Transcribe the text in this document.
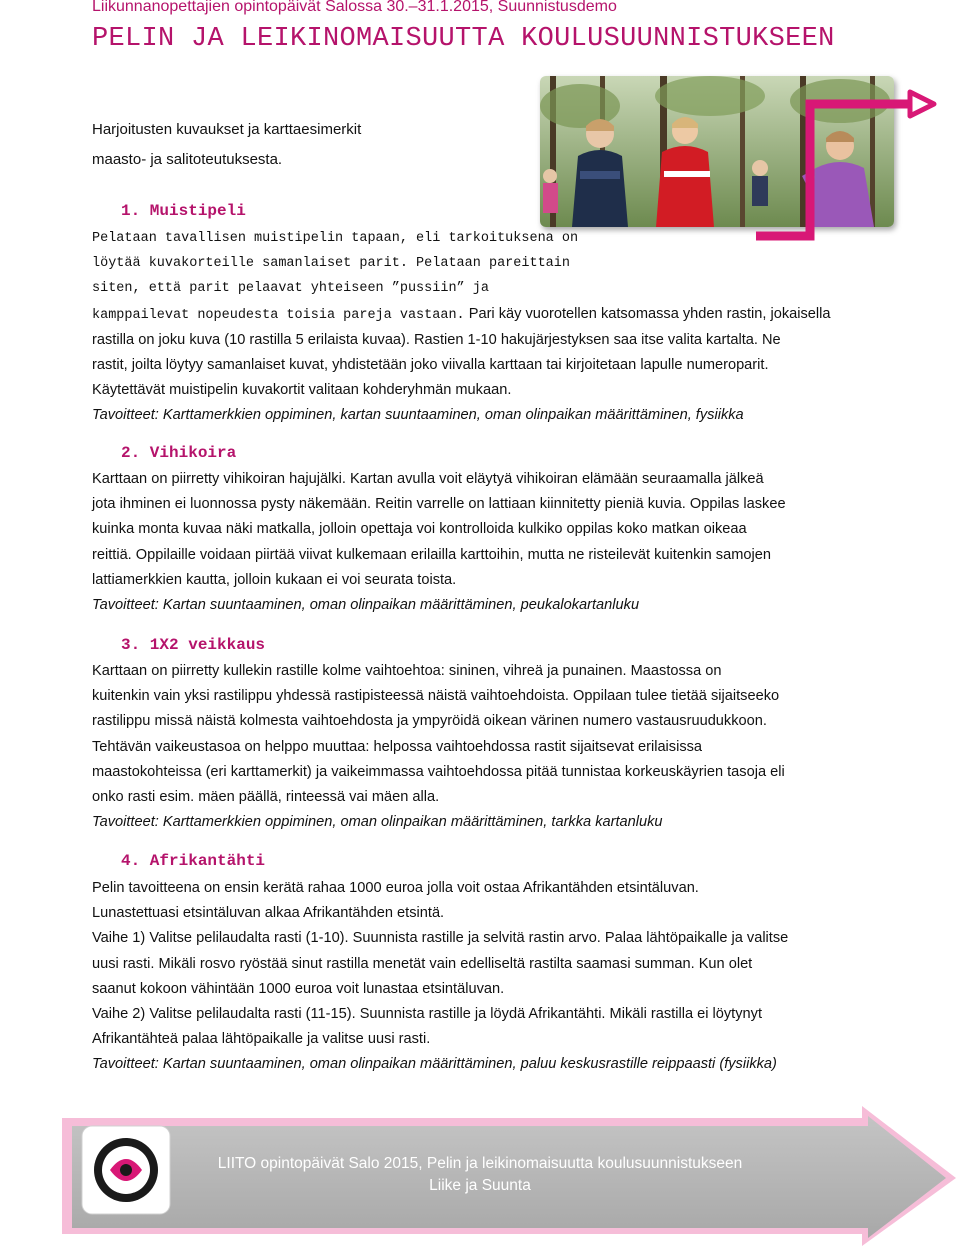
Liikunnanopettajien opintopäivät Salossa 30.–31.1.2015, Suunnistusdemo
PELIN JA LEIKINOMAISUUTTA KOULUSUUNNISTUKSEEN
Harjoitusten kuvaukset ja karttaesimerkit
maasto- ja salitoteutuksesta.
1. Muistipeli
Pelataan tavallisen muistipelin tapaan, eli tarkoituksena on
löytää kuvakorteille samanlaiset parit. Pelataan pareittain
siten, että parit pelaavat yhteiseen ”pussiin” ja
kamppailevat nopeudesta toisia pareja vastaan. Pari käy vuorotellen katsomassa yhden rastin, jokaisella
rastilla on joku kuva (10 rastilla 5 erilaista kuvaa). Rastien 1-10 hakujärjestyksen saa itse valita kartalta. Ne
rastit, joilta löytyy samanlaiset kuvat, yhdistetään joko viivalla karttaan tai kirjoitetaan lapulle numeroparit.
Käytettävät muistipelin kuvakortit valitaan kohderyhmän mukaan.
Tavoitteet: Karttamerkkien oppiminen, kartan suuntaaminen, oman olinpaikan määrittäminen, fysiikka
2. Vihikoira
Karttaan on piirretty vihikoiran hajujälki. Kartan avulla voit eläytyä vihikoiran elämään seuraamalla jälkeä
jota ihminen ei luonnossa pysty näkemään. Reitin varrelle on lattiaan kiinnitetty pieniä kuvia. Oppilas laskee
kuinka monta kuvaa näki matkalla, jolloin opettaja voi kontrolloida kulkiko oppilas koko matkan oikeaa
reittiä. Oppilaille voidaan piirtää viivat kulkemaan erilailla karttoihin, mutta ne risteilevät kuitenkin samojen
lattiamerkkien kautta, jolloin kukaan ei voi seurata toista.
Tavoitteet: Kartan suuntaaminen, oman olinpaikan määrittäminen, peukalokartanluku
3. 1X2 veikkaus
Karttaan on piirretty kullekin rastille kolme vaihtoehtoa: sininen, vihreä ja punainen. Maastossa on
kuitenkin vain yksi rastilippu yhdessä rastipisteessä näistä vaihtoehdoista. Oppilaan tulee tietää sijaitseeko
rastilippu missä näistä kolmesta vaihtoehdosta ja ympyröidä oikean värinen numero vastausruudukkoon.
Tehtävän vaikeustasoa on helppo muuttaa: helpossa vaihtoehdossa rastit sijaitsevat erilaisissa
maastokohteissa (eri karttamerkit) ja vaikeimmassa vaihtoehdossa pitää tunnistaa korkeuskäyrien tasoja eli
onko rasti esim. mäen päällä, rinteessä vai mäen alla.
Tavoitteet: Karttamerkkien oppiminen, oman olinpaikan määrittäminen, tarkka kartanluku
4. Afrikantähti
Pelin tavoitteena on ensin kerätä rahaa 1000 euroa jolla voit ostaa Afrikantähden etsintäluvan.
Lunastettuasi etsintäluvan alkaa Afrikantähden etsintä.
Vaihe 1) Valitse pelilaudalta rasti (1-10). Suunnista rastille ja selvitä rastin arvo. Palaa lähtöpaikalle ja valitse
uusi rasti. Mikäli rosvo ryöstää sinut rastilla menetät vain edelliseltä rastilta saamasi summan. Kun olet
saanut kokoon vähintään 1000 euroa voit lunastaa etsintäluvan.
Vaihe 2) Valitse pelilaudalta rasti (11-15). Suunnista rastille ja löydä Afrikantähti. Mikäli rastilla ei löytynyt
Afrikantähteä palaa lähtöpaikalle ja valitse uusi rasti.
Tavoitteet: Kartan suuntaaminen, oman olinpaikan määrittäminen, paluu keskusrastille reippaasti (fysiikka)
LIITO opintopäivät Salo 2015, Pelin ja leikinomaisuutta koulusuunnistukseen
Liike ja Suunta
